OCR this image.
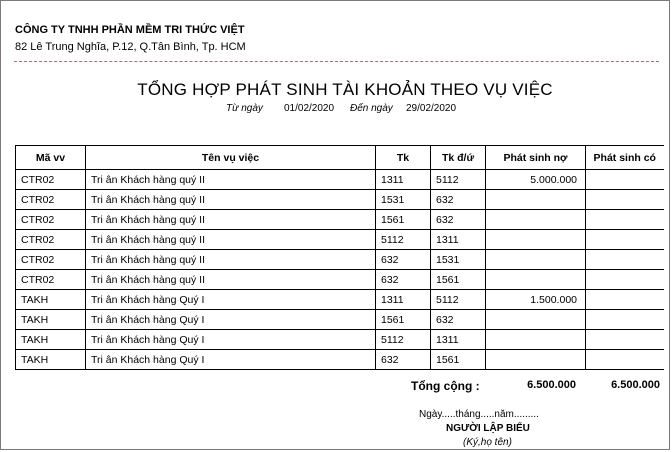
CÔNG TY TNHH PHẦN MỀM TRI THỨC VIỆT
82 Lê Trung Nghĩa, P.12, Q.Tân Bình, Tp. HCM
TỔNG HỢP PHÁT SINH TÀI KHOẢN THEO VỤ VIỆC
Từ ngày 01/02/2020 Đến ngày 29/02/2020
Mã vv	Tên vụ việc	Tk	Tk đ/ứ	Phát sinh nợ	Phát sinh có
CTR02	Tri ân Khách hàng quý II	1311	5112	5.000.000	
CTR02	Tri ân Khách hàng quý II	1531	632		
CTR02	Tri ân Khách hàng quý II	1561	632		
CTR02	Tri ân Khách hàng quý II	5112	1311		
CTR02	Tri ân Khách hàng quý II	632	1531		
CTR02	Tri ân Khách hàng quý II	632	1561		
TAKH	Tri ân Khách hàng Quý I	1311	5112	1.500.000	
TAKH	Tri ân Khách hàng Quý I	1561	632		
TAKH	Tri ân Khách hàng Quý I	5112	1311		
TAKH	Tri ân Khách hàng Quý I	632	1561		
Tổng cộng :	6.500.000	6.500.000
Ngày.....tháng.....năm.........
NGƯỜI LẬP BIỂU
(Ký,họ tên)
